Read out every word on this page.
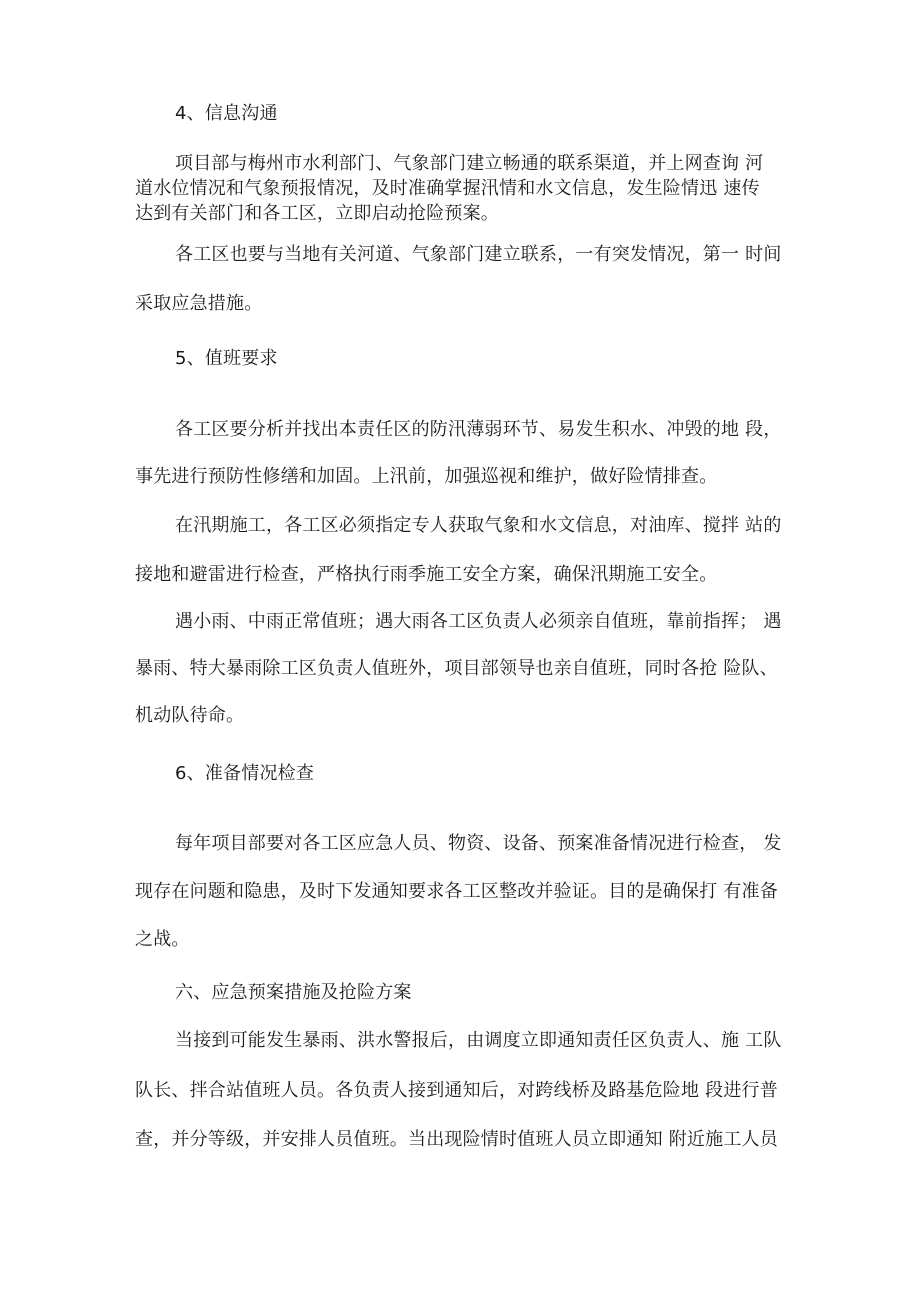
4、信息沟通
项目部与梅州市水利部门、气象部门建立畅通的联系渠道，并上网查询 河
道水位情况和气象预报情况，及时准确掌握汛情和水文信息，发生险情迅 速传
达到有关部门和各工区，立即启动抢险预案。
各工区也要与当地有关河道、气象部门建立联系，一有突发情况，第一 时间
采取应急措施。
5、值班要求
各工区要分析并找出本责任区的防汛薄弱环节、易发生积水、冲毁的地 段，
事先进行预防性修缮和加固。上汛前，加强巡视和维护，做好险情排查。
在汛期施工，各工区必须指定专人获取气象和水文信息，对油库、搅拌 站的
接地和避雷进行检查，严格执行雨季施工安全方案，确保汛期施工安全。
遇小雨、中雨正常值班；遇大雨各工区负责人必须亲自值班，靠前指挥； 遇
暴雨、特大暴雨除工区负责人值班外，项目部领导也亲自值班，同时各抢 险队、
机动队待命。
6、准备情况检查
每年项目部要对各工区应急人员、物资、设备、预案准备情况进行检查， 发
现存在问题和隐患，及时下发通知要求各工区整改并验证。目的是确保打 有准备
之战。
六、应急预案措施及抢险方案
当接到可能发生暴雨、洪水警报后，由调度立即通知责任区负责人、施 工队
队长、拌合站值班人员。各负责人接到通知后，对跨线桥及路基危险地 段进行普
查，并分等级，并安排人员值班。当出现险情时值班人员立即通知 附近施工人员
